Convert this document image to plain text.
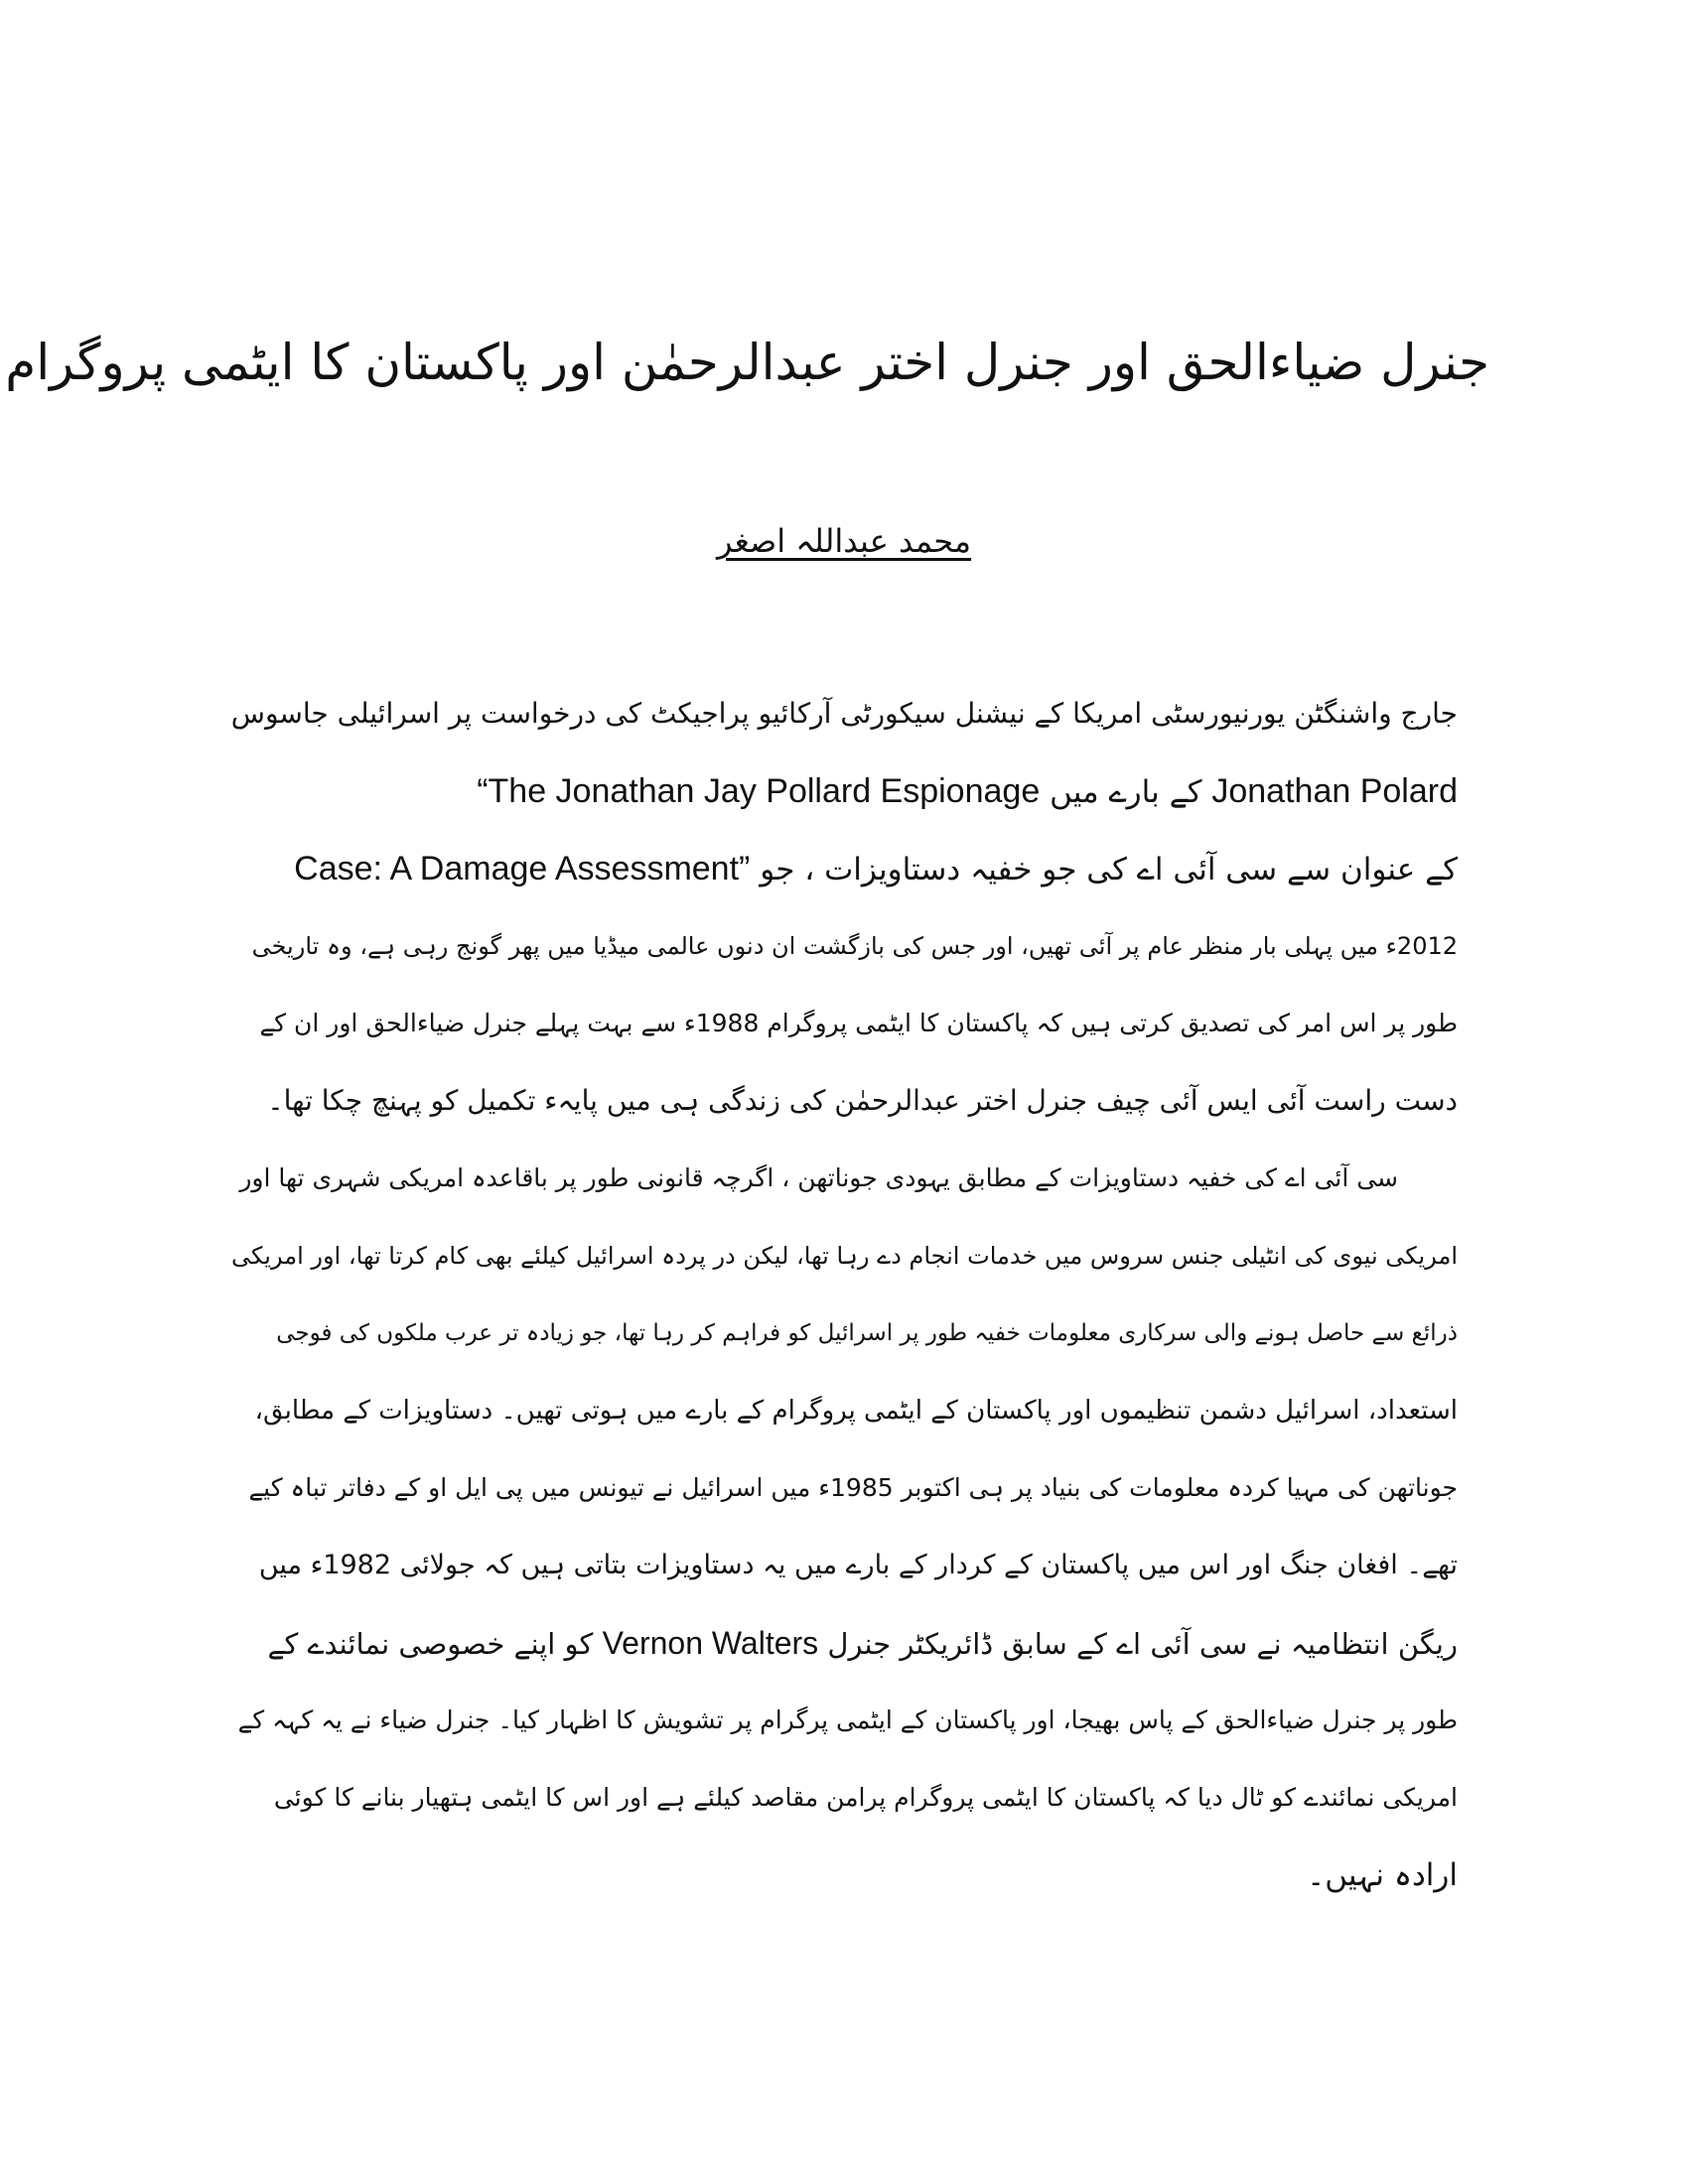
جنرل ضیاءالحق اور جنرل اختر عبدالرحمٰن اور پاکستان کا ایٹمی پروگرام
محمد عبداللہ اصغر
جارج واشنگٹن یورنیورسٹی امریکا کے نیشنل سیکورٹی آرکائیو پراجیکٹ کی درخواست پر اسرائیلی جاسوس
Jonathan Polard کے بارے میں “The Jonathan Jay Pollard Espionage
کے عنوان سے سی آئی اے کی جو خفیہ دستاویزات ، جو Case: A Damage Assessment”
2012ء میں پہلی بار منظر عام پر آئی تھیں، اور جس کی بازگشت ان دنوں عالمی میڈیا میں پھر گونج رہی ہے، وہ تاریخی
طور پر اس امر کی تصدیق کرتی ہیں کہ پاکستان کا ایٹمی پروگرام 1988ء سے بہت پہلے جنرل ضیاءالحق اور ان کے
دست راست آئی ایس آئی چیف جنرل اختر عبدالرحمٰن کی زندگی ہی میں پایہء تکمیل کو پہنچ چکا تھا۔
سی آئی اے کی خفیہ دستاویزات کے مطابق یہودی جوناتھن ، اگرچہ قانونی طور پر باقاعدہ امریکی شہری تھا اور
امریکی نیوی کی انٹیلی جنس سروس میں خدمات انجام دے رہا تھا، لیکن در پردہ اسرائیل کیلئے بھی کام کرتا تھا، اور امریکی
ذرائع سے حاصل ہونے والی سرکاری معلومات خفیہ طور پر اسرائیل کو فراہم کر رہا تھا، جو زیادہ تر عرب ملکوں کی فوجی
استعداد، اسرائیل دشمن تنظیموں اور پاکستان کے ایٹمی پروگرام کے بارے میں ہوتی تھیں۔ دستاویزات کے مطابق،
جوناتھن کی مہیا کردہ معلومات کی بنیاد پر ہی اکتوبر 1985ء میں اسرائیل نے تیونس میں پی ایل او کے دفاتر تباہ کیے
تھے۔ افغان جنگ اور اس میں پاکستان کے کردار کے بارے میں یہ دستاویزات بتاتی ہیں کہ جولائی 1982ء میں
ریگن انتظامیہ نے سی آئی اے کے سابق ڈائریکٹر جنرل Vernon Walters کو اپنے خصوصی نمائندے کے
طور پر جنرل ضیاءالحق کے پاس بھیجا، اور پاکستان کے ایٹمی پرگرام پر تشویش کا اظہار کیا۔ جنرل ضیاء نے یہ کہہ کے
امریکی نمائندے کو ٹال دیا کہ پاکستان کا ایٹمی پروگرام پرامن مقاصد کیلئے ہے اور اس کا ایٹمی ہتھیار بنانے کا کوئی
ارادہ نہیں۔
